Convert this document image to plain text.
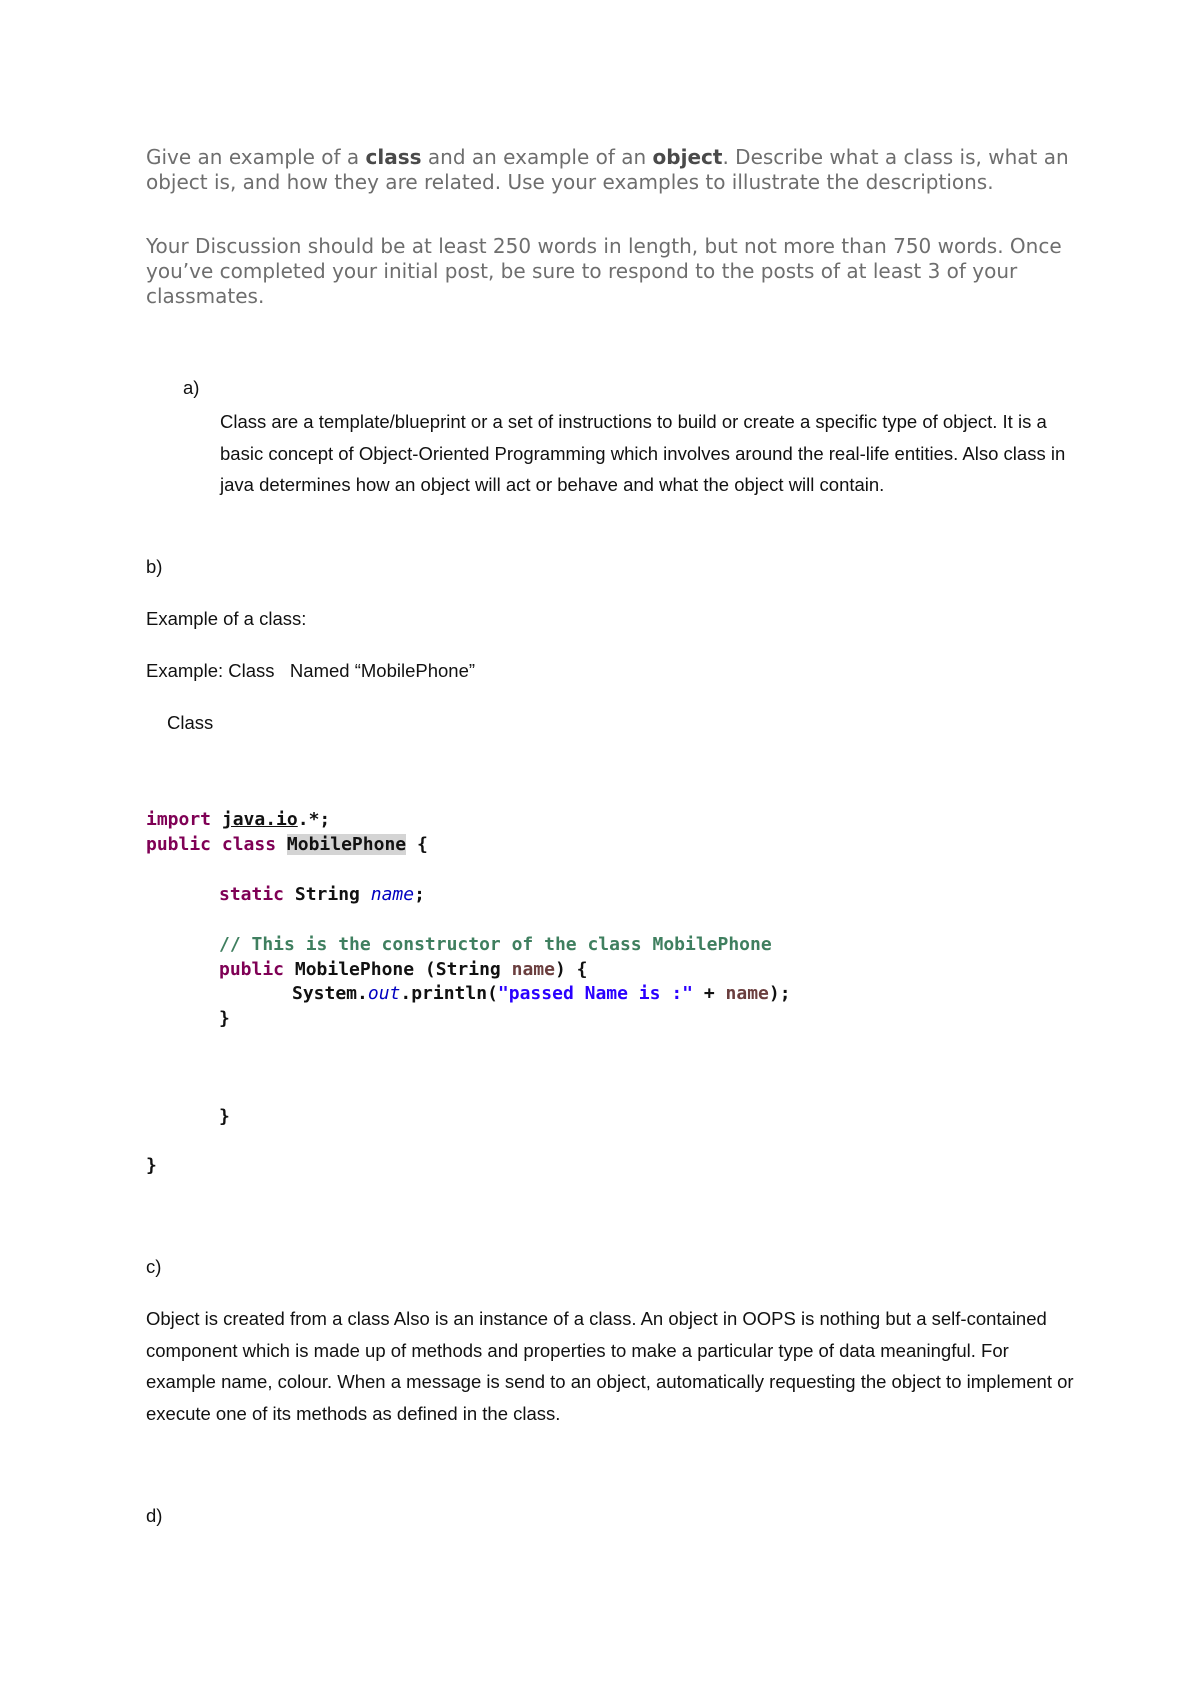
Give an example of a class and an example of an object. Describe what a class is, what an object is, and how they are related. Use your examples to illustrate the descriptions.

Your Discussion should be at least 250 words in length, but not more than 750 words. Once you’ve completed your initial post, be sure to respond to the posts of at least 3 of your classmates.

a)

Class are a template/blueprint or a set of instructions to build or create a specific type of object. It is a basic concept of Object-Oriented Programming which involves around the real-life entities. Also class in java determines how an object will act or behave and what the object will contain.

b)
Example of a class:
Example: Class   Named “MobilePhone”
Class
import java.io.*;
public class MobilePhone {
static String name;
// This is the constructor of the class MobilePhone
public MobilePhone (String name) {
System.out.println("passed Name is :" + name);
}
}
}
c)

Object is created from a class Also is an instance of a class. An object in OOPS is nothing but a self-contained component which is made up of methods and properties to make a particular type of data meaningful. For example name, colour. When a message is send to an object, automatically requesting the object to implement or execute one of its methods as defined in the class.

d)
